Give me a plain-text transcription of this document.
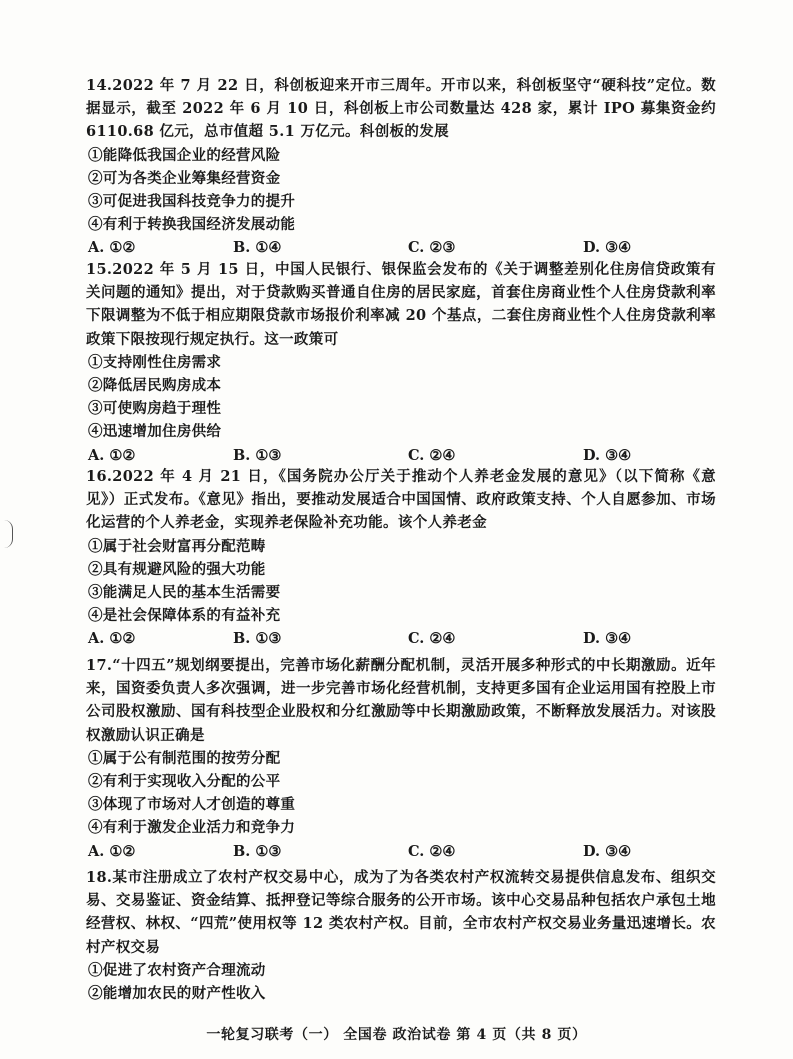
14.2022 年 7 月 22 日，科创板迎来开市三周年。开市以来，科创板坚守“硬科技”定位。数据显示，截至 2022 年 6 月 10 日，科创板上市公司数量达 428 家，累计 IPO 募集资金约 6110.68 亿元，总市值超 5.1 万亿元。科创板的发展

①能降低我国企业的经营风险
②可为各类企业筹集经营资金
③可促进我国科技竞争力的提升
④有利于转换我国经济发展动能
A. ①②	B. ①④	C. ②③	D. ③④

15.2022 年 5 月 15 日，中国人民银行、银保监会发布的《关于调整差别化住房信贷政策有关问题的通知》提出，对于贷款购买普通自住房的居民家庭，首套住房商业性个人住房贷款利率下限调整为不低于相应期限贷款市场报价利率减 20 个基点，二套住房商业性个人住房贷款利率政策下限按现行规定执行。这一政策可

①支持刚性住房需求
②降低居民购房成本
③可使购房趋于理性
④迅速增加住房供给
A. ①②	B. ①③	C. ②④	D. ③④

16.2022 年 4 月 21 日，《国务院办公厅关于推动个人养老金发展的意见》（以下简称《意见》）正式发布。《意见》指出，要推动发展适合中国国情、政府政策支持、个人自愿参加、市场化运营的个人养老金，实现养老保险补充功能。该个人养老金

①属于社会财富再分配范畴
②具有规避风险的强大功能
③能满足人民的基本生活需要
④是社会保障体系的有益补充
A. ①②	B. ①③	C. ②④	D. ③④

17.“十四五”规划纲要提出，完善市场化薪酬分配机制，灵活开展多种形式的中长期激励。近年来，国资委负责人多次强调，进一步完善市场化经营机制，支持更多国有企业运用国有控股上市公司股权激励、国有科技型企业股权和分红激励等中长期激励政策，不断释放发展活力。对该股权激励认识正确是

①属于公有制范围的按劳分配
②有利于实现收入分配的公平
③体现了市场对人才创造的尊重
④有利于激发企业活力和竞争力
A. ①②	B. ①③	C. ②④	D. ③④

18.某市注册成立了农村产权交易中心，成为了为各类农村产权流转交易提供信息发布、组织交易、交易鉴证、资金结算、抵押登记等综合服务的公开市场。该中心交易品种包括农户承包土地经营权、林权、“四荒”使用权等 12 类农村产权。目前，全市农村产权交易业务量迅速增长。农村产权交易

①促进了农村资产合理流动
②能增加农民的财产性收入
一轮复习联考（一） 全国卷 政治试卷 第 4 页（共 8 页）
